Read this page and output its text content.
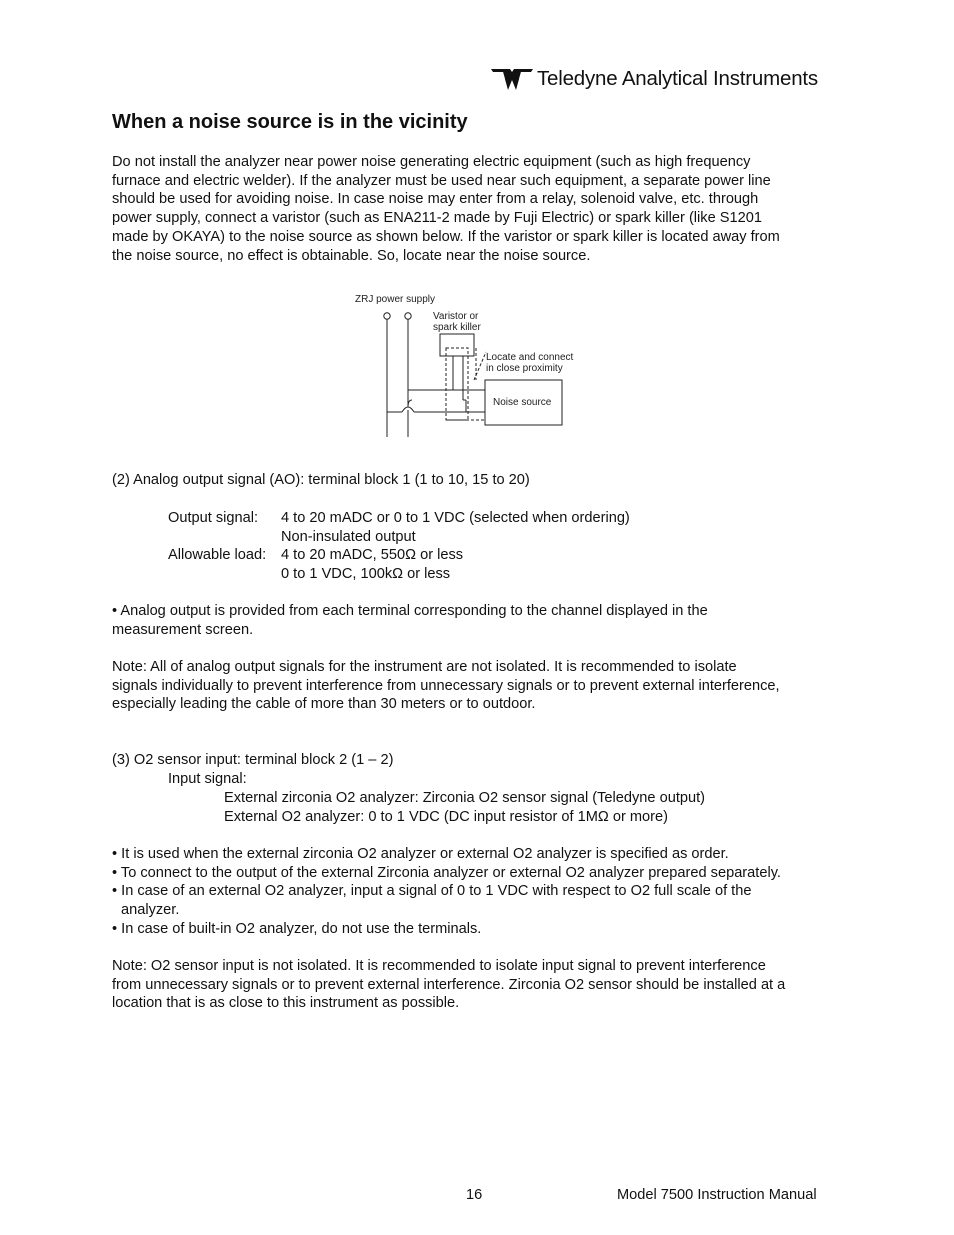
Teledyne Analytical Instruments
When a noise source is in the vicinity
Do not install the analyzer near power noise generating electric equipment (such as high frequency
furnace and electric welder). If the analyzer must be used near such equipment, a separate power line
should be used for avoiding noise. In case noise may enter from a relay, solenoid valve, etc. through
power supply, connect a varistor (such as ENA211-2 made by Fuji Electric) or spark killer (like S1201
made by OKAYA) to the noise source as shown below. If the varistor or spark killer is located away from
the noise source, no effect is obtainable. So, locate near the noise source.
ZRJ power supply
Varistor or
spark killer
Locate and connect
in close proximity
Noise source
(2) Analog output signal (AO): terminal block 1 (1 to 10, 15 to 20)
Output signal: 4 to 20 mADC or 0 to 1 VDC (selected when ordering)
Non-insulated output
Allowable load: 4 to 20 mADC, 550Ω or less
0 to 1 VDC, 100kΩ or less
• Analog output is provided from each terminal corresponding to the channel displayed in the
measurement screen.
Note: All of analog output signals for the instrument are not isolated. It is recommended to isolate
signals individually to prevent interference from unnecessary signals or to prevent external interference,
especially leading the cable of more than 30 meters or to outdoor.
(3) O2 sensor input: terminal block 2 (1 – 2)
Input signal:
External zirconia O2 analyzer: Zirconia O2 sensor signal (Teledyne output)
External O2 analyzer: 0 to 1 VDC (DC input resistor of 1MΩ or more)
• It is used when the external zirconia O2 analyzer or external O2 analyzer is specified as order.
• To connect to the output of the external Zirconia analyzer or external O2 analyzer prepared separately.
• In case of an external O2 analyzer, input a signal of 0 to 1 VDC with respect to O2 full scale of the
analyzer.
• In case of built-in O2 analyzer, do not use the terminals.
Note: O2 sensor input is not isolated. It is recommended to isolate input signal to prevent interference
from unnecessary signals or to prevent external interference. Zirconia O2 sensor should be installed at a
location that is as close to this instrument as possible.
16	Model 7500 Instruction Manual
